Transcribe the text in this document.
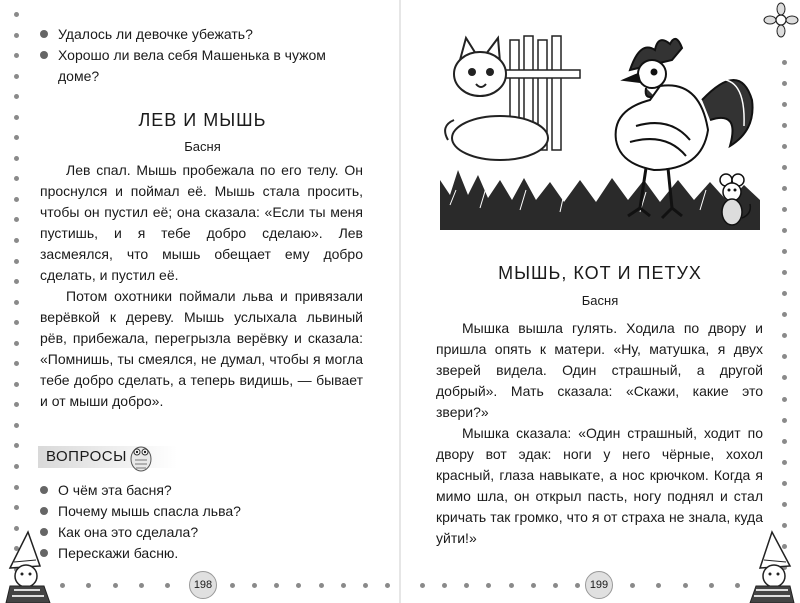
Удалось ли девочке убежать?
Хорошо ли вела себя Машенька в чужом доме?
ЛЕВ И МЫШЬ
Басня

Лев спал. Мышь пробежала по его телу. Он проснулся и поймал её. Мышь стала просить, чтобы он пустил её; она сказала: «Если ты меня пустишь, и я тебе добро сделаю». Лев засмеялся, что мышь обещает ему добро сделать, и пустил её.

Потом охотники поймали льва и привязали верёвкой к дереву. Мышь услыхала львиный рёв, прибежала, перегрызла верёвку и сказала: «Помнишь, ты смеялся, не думал, чтобы я могла тебе добро сделать, а теперь видишь, — бывает и от мыши добро».

ВОПРОСЫ
О чём эта басня?
Почему мышь спасла льва?
Как она это сделала?
Перескажи басню.
198
МЫШЬ, КОТ И ПЕТУХ
Басня

Мышка вышла гулять. Ходила по двору и пришла опять к матери. «Ну, матушка, я двух зверей видела. Один страшный, а другой добрый». Мать сказала: «Скажи, какие это звери?»

Мышка сказала: «Один страшный, ходит по двору вот эдак: ноги у него чёрные, хохол красный, глаза навыкате, а нос крючком. Когда я мимо шла, он открыл пасть, ногу поднял и стал кричать так громко, что я от страха не знала, куда уйти!»

199
